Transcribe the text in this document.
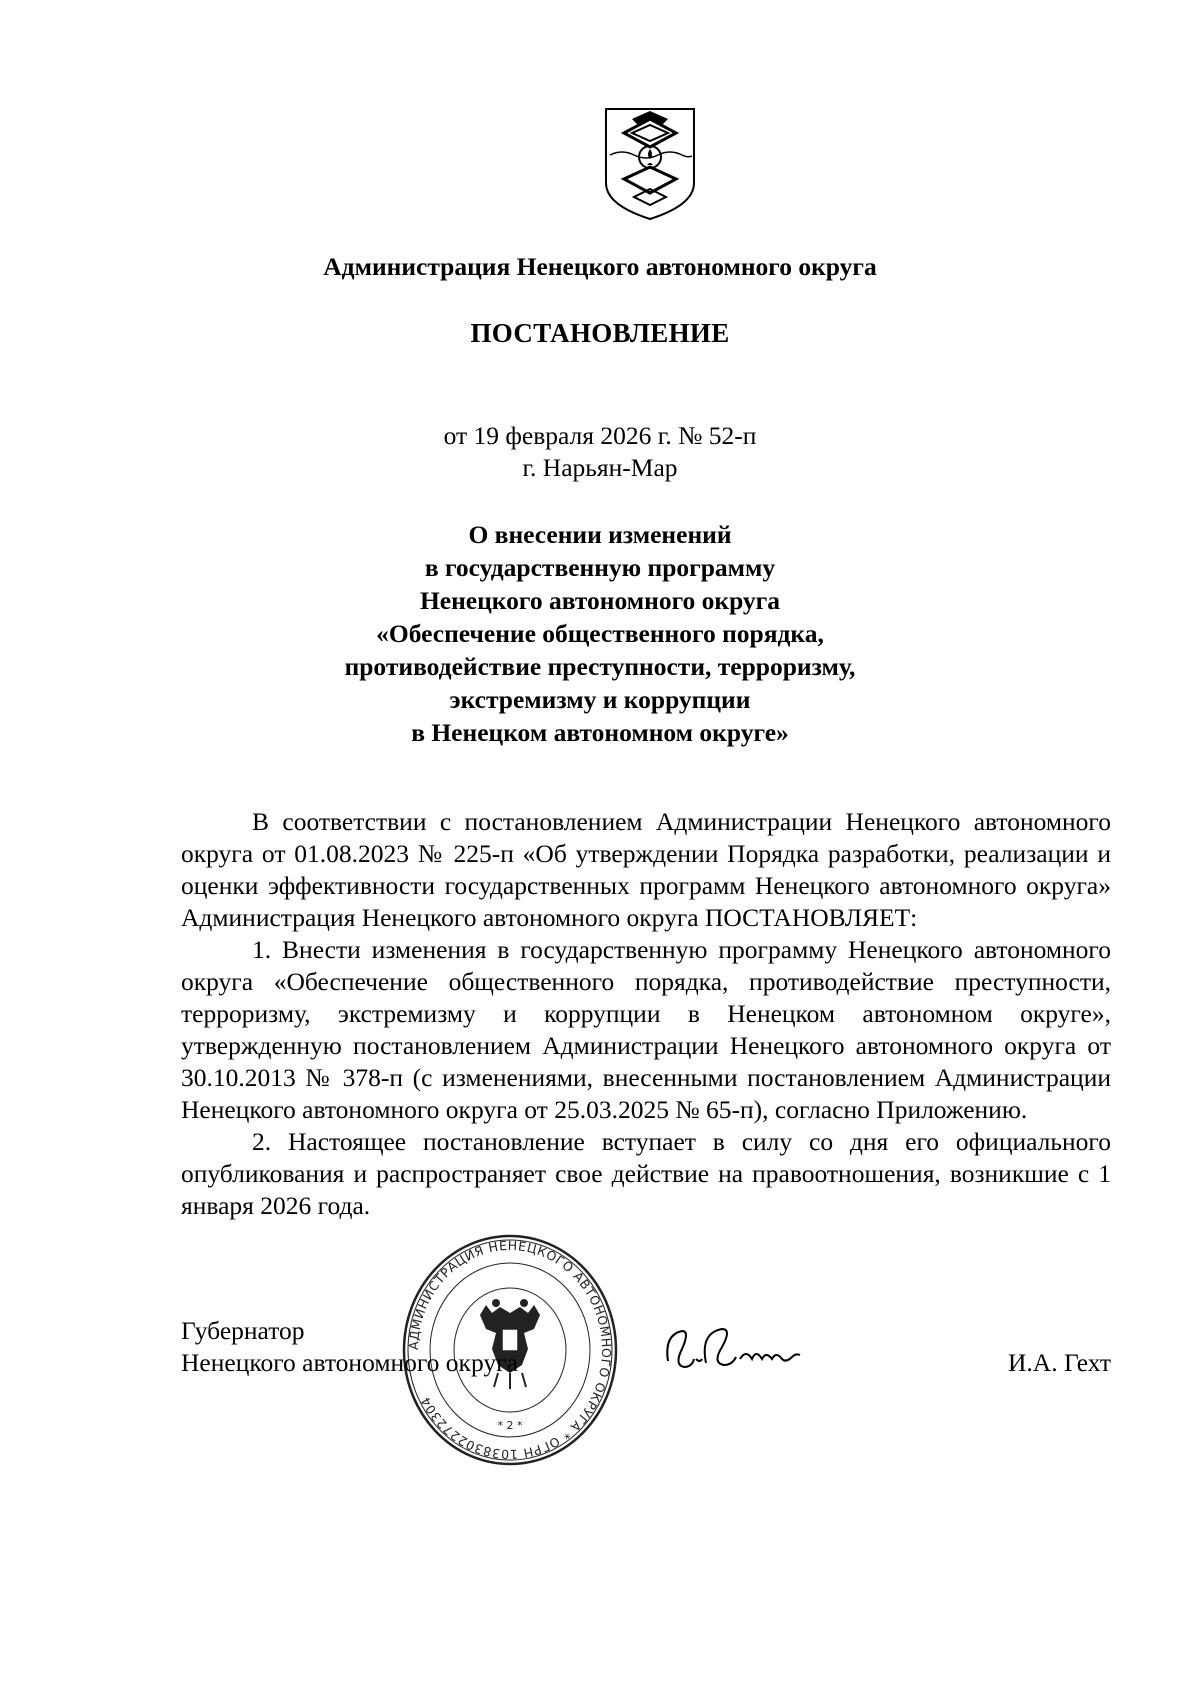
Администрация Ненецкого автономного округа
ПОСТАНОВЛЕНИЕ
от 19 февраля 2026 г. № 52-п
г. Нарьян-Мар
О внесении изменений
в государственную программу
Ненецкого автономного округа
«Обеспечение общественного порядка,
противодействие преступности, терроризму,
экстремизму и коррупции
в Ненецком автономном округе»

В соответствии с постановлением Администрации Ненецкого автономного округа от 01.08.2023 № 225-п «Об утверждении Порядка разработки, реализации и оценки эффективности государственных программ Ненецкого автономного округа» Администрация Ненецкого автономного округа ПОСТАНОВЛЯЕТ:

1. Внести изменения в государственную программу Ненецкого автономного округа «Обеспечение общественного порядка, противодействие преступности, терроризму, экстремизму и коррупции в Ненецком автономном округе», утвержденную постановлением Администрации Ненецкого автономного округа от 30.10.2013 № 378-п (с изменениями, внесенными постановлением Администрации Ненецкого автономного округа от 25.03.2025 № 65-п), согласно Приложению.

2. Настоящее постановление вступает в силу со дня его официального опубликования и распространяет свое действие на правоотношения, возникшие с 1 января 2026 года.

АДМИНИСТРАЦИЯ НЕНЕЦКОГО АВТОНОМНОГО ОКРУГА * ОГРН 1038302272304
* 2 *
Губернатор
Ненецкого автономного округа	И.А. Гехт
